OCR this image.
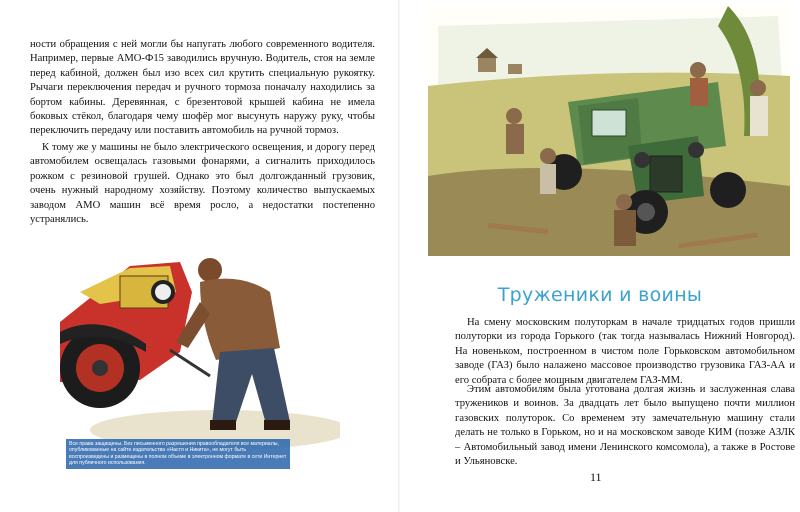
ности обращения с ней могли бы напугать любого современного водителя. Например, первые АМО-Ф15 заводились вручную. Водитель, стоя на земле перед кабиной, должен был изо всех сил крутить специальную рукоятку. Рычаги переключения передач и ручного тормоза поначалу находились за бортом кабины. Деревянная, с брезентовой крышей кабина не имела боковых стёкол, благодаря чему шофёр мог высунуть наружу руку, чтобы переключить передачу или поставить автомобиль на ручной тормоз.

К тому же у машины не было электрического освещения, и дорогу перед автомобилем освещалась газовыми фонарями, а сигналить приходилось рожком с резиновой грушей. Однако это был долгожданный грузовик, очень нужный народному хозяйству. Поэтому количество выпускаемых заводом АМО машин всё время росло, а недостатки постепенно устранялись.

Все права защищены. Без письменного разрешения правообладателя все материалы, опубликованные на сайте издательства «Настя и Никита», не могут быть воспроизведены и размещены в полном объеме в электронном формате в сети Интернет для публичного использования.
Труженики и воины

На смену московским полуторкам в начале тридцатых годов пришли полуторки из города Горького (так тогда называлась Нижний Новгород). На новеньком, построенном в чистом поле Горьковском автомобильном заводе (ГАЗ) было налажено массовое производство грузовика ГАЗ-АА и его собрата с более мощным двигателем ГАЗ-ММ.

Этим автомобилям была уготована долгая жизнь и заслуженная слава тружеников и воинов. За двадцать лет было выпущено почти миллион газовских полуторок. Со временем эту замечательную машину стали делать не только в Горьком, но и на московском заводе КИМ (позже АЗЛК – Автомобильный завод имени Ленинского комсомола), а также в Ростове и Ульяновске.

11
